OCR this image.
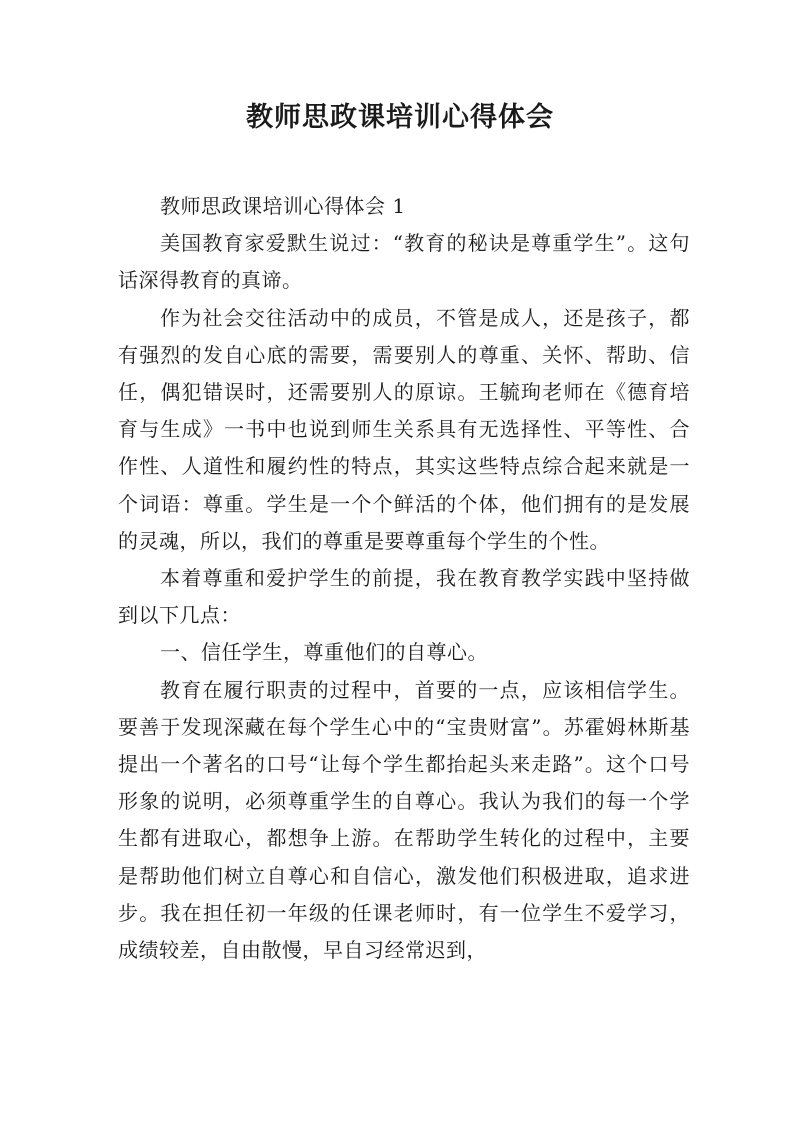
教师思政课培训心得体会

教师思政课培训心得体会 1

美国教育家爱默生说过：“教育的秘诀是尊重学生”。这句话深得教育的真谛。

作为社会交往活动中的成员，不管是成人，还是孩子，都有强烈的发自心底的需要，需要别人的尊重、关怀、帮助、信任，偶犯错误时，还需要别人的原谅。王毓珣老师在《德育培育与生成》一书中也说到师生关系具有无选择性、平等性、合作性、人道性和履约性的特点，其实这些特点综合起来就是一个词语：尊重。学生是一个个鲜活的个体，他们拥有的是发展的灵魂，所以，我们的尊重是要尊重每个学生的个性。

本着尊重和爱护学生的前提，我在教育教学实践中坚持做到以下几点：

一、信任学生，尊重他们的自尊心。

教育在履行职责的过程中，首要的一点，应该相信学生。要善于发现深藏在每个学生心中的“宝贵财富”。苏霍姆林斯基提出一个著名的口号“让每个学生都抬起头来走路”。这个口号形象的说明，必须尊重学生的自尊心。我认为我们的每一个学生都有进取心，都想争上游。在帮助学生转化的过程中，主要是帮助他们树立自尊心和自信心，激发他们积极进取，追求进步。我在担任初一年级的任课老师时，有一位学生不爱学习，成绩较差，自由散慢，早自习经常迟到，
